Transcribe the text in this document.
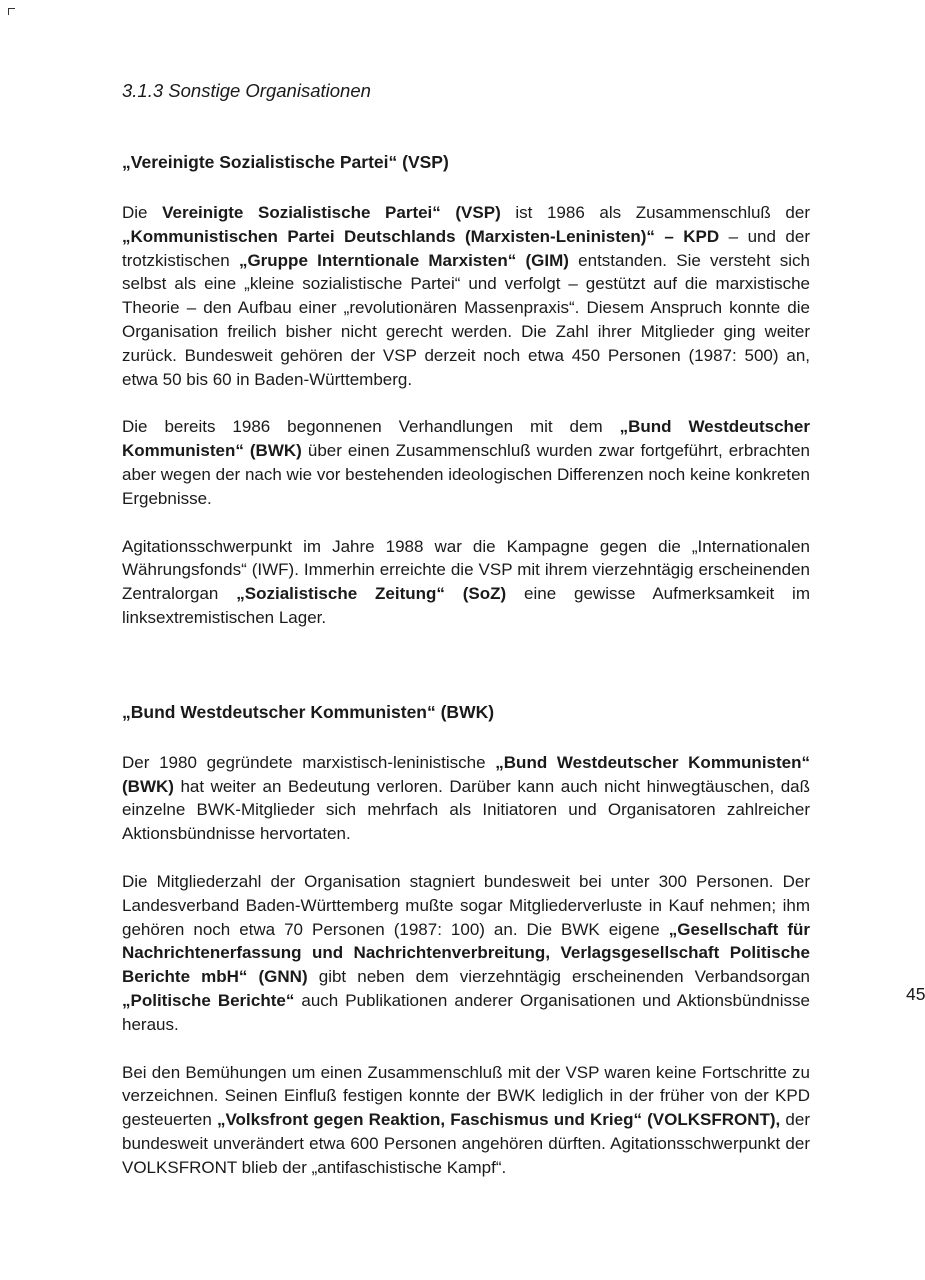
3.1.3 Sonstige Organisationen
„Vereinigte Sozialistische Partei“ (VSP)

Die Vereinigte Sozialistische Partei“ (VSP) ist 1986 als Zusammenschluß der „Kommunistischen Partei Deutschlands (Marxisten-Leninisten)“ – KPD – und der trotzkistischen „Gruppe Interntionale Marxisten“ (GIM) entstanden. Sie versteht sich selbst als eine „kleine sozialistische Partei“ und verfolgt – gestützt auf die marxistische Theorie – den Aufbau einer „revolutionären Massenpraxis“. Diesem Anspruch konnte die Organisation freilich bisher nicht gerecht werden. Die Zahl ihrer Mitglieder ging weiter zurück. Bundesweit gehören der VSP derzeit noch etwa 450 Personen (1987: 500) an, etwa 50 bis 60 in Baden-Württemberg.

Die bereits 1986 begonnenen Verhandlungen mit dem „Bund Westdeutscher Kommunisten“ (BWK) über einen Zusammenschluß wurden zwar fortgeführt, erbrachten aber wegen der nach wie vor bestehenden ideologischen Differenzen noch keine konkreten Ergebnisse.

Agitationsschwerpunkt im Jahre 1988 war die Kampagne gegen die „Internationalen Währungsfonds“ (IWF). Immerhin erreichte die VSP mit ihrem vierzehntägig erscheinenden Zentralorgan „Sozialistische Zeitung“ (SoZ) eine gewisse Aufmerksamkeit im linksextremistischen Lager.

„Bund Westdeutscher Kommunisten“ (BWK)

Der 1980 gegründete marxistisch-leninistische „Bund Westdeutscher Kommunisten“ (BWK) hat weiter an Bedeutung verloren. Darüber kann auch nicht hinwegtäuschen, daß einzelne BWK-Mitglieder sich mehrfach als Initiatoren und Organisatoren zahlreicher Aktionsbündnisse hervortaten.

Die Mitgliederzahl der Organisation stagniert bundesweit bei unter 300 Personen. Der Landesverband Baden-Württemberg mußte sogar Mitgliederverluste in Kauf nehmen; ihm gehören noch etwa 70 Personen (1987: 100) an. Die BWK eigene „Gesellschaft für Nachrichtenerfassung und Nachrichtenverbreitung, Verlagsgesellschaft Politische Berichte mbH“ (GNN) gibt neben dem vierzehntägig erscheinenden Verbandsorgan „Politische Berichte“ auch Publikationen anderer Organisationen und Aktionsbündnisse heraus.

Bei den Bemühungen um einen Zusammenschluß mit der VSP waren keine Fortschritte zu verzeichnen. Seinen Einfluß festigen konnte der BWK lediglich in der früher von der KPD gesteuerten „Volksfront gegen Reaktion, Faschismus und Krieg“ (VOLKSFRONT), der bundesweit unverändert etwa 600 Personen angehören dürften. Agitationsschwerpunkt der VOLKSFRONT blieb der „antifaschistische Kampf“.

45
